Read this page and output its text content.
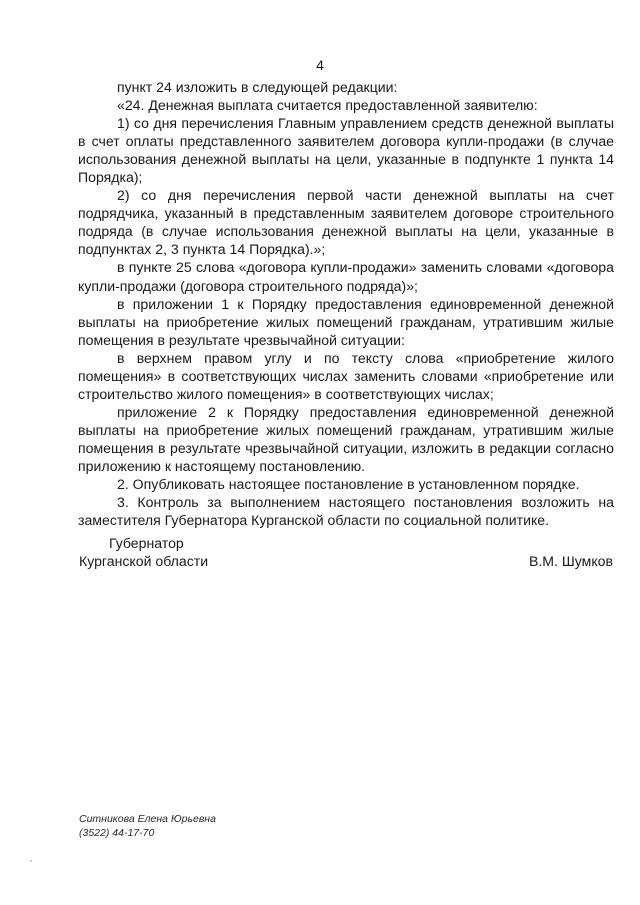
4

пункт 24 изложить в следующей редакции:

«24. Денежная выплата считается предоставленной заявителю:

1) со дня перечисления Главным управлением средств денежной выплаты в счет оплаты представленного заявителем договора купли-продажи (в случае использования денежной выплаты на цели, указанные в подпункте 1 пункта 14 Порядка);

2) со дня перечисления первой части денежной выплаты на счет подрядчика, указанный в представленным заявителем договоре строительного подряда (в случае использования денежной выплаты на цели, указанные в подпунктах 2, 3 пункта 14 Порядка).»;

в пункте 25 слова «договора купли-продажи» заменить словами «договора купли-продажи (договора строительного подряда)»;

в приложении 1 к Порядку предоставления единовременной денежной выплаты на приобретение жилых помещений гражданам, утратившим жилые помещения в результате чрезвычайной ситуации:

в верхнем правом углу и по тексту слова «приобретение жилого помещения» в соответствующих числах заменить словами «приобретение или строительство жилого помещения» в соответствующих числах;

приложение 2 к Порядку предоставления единовременной денежной выплаты на приобретение жилых помещений гражданам, утратившим жилые помещения в результате чрезвычайной ситуации, изложить в редакции согласно приложению к настоящему постановлению.

2. Опубликовать настоящее постановление в установленном порядке.

3. Контроль за выполнением настоящего постановления возложить на заместителя Губернатора Курганской области по социальной политике.

Губернатор
Курганской области	В.М. Шумков
Ситникова Елена Юрьевна
(3522) 44-17-70
